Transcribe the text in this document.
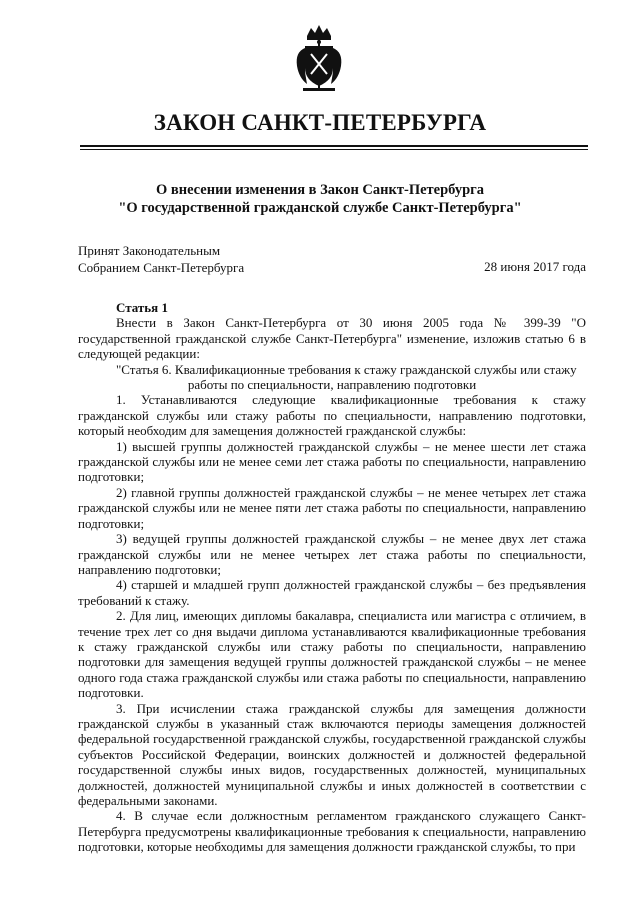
ЗАКОН САНКТ-ПЕТЕРБУРГА
О внесении изменения в Закон Санкт-Петербурга
"О государственной гражданской службе Санкт-Петербурга"
Принят Законодательным
Собранием Санкт-Петербурга	28 июня 2017 года

Статья 1

Внести в Закон Санкт-Петербурга от 30 июня 2005 года № 399-39 "О государственной гражданской службе Санкт-Петербурга" изменение, изложив статью 6 в следующей редакции:

"Статья 6. Квалификационные требования к стажу гражданской службы или стажу

работы по специальности, направлению подготовки

1. Устанавливаются следующие квалификационные требования к стажу гражданской службы или стажу работы по специальности, направлению подготовки, который необходим для замещения должностей гражданской службы:

1) высшей группы должностей гражданской службы – не менее шести лет стажа гражданской службы или не менее семи лет стажа работы по специальности, направлению подготовки;

2) главной группы должностей гражданской службы – не менее четырех лет стажа гражданской службы или не менее пяти лет стажа работы по специальности, направлению подготовки;

3) ведущей группы должностей гражданской службы – не менее двух лет стажа гражданской службы или не менее четырех лет стажа работы по специальности, направлению подготовки;

4) старшей и младшей групп должностей гражданской службы – без предъявления требований к стажу.

2. Для лиц, имеющих дипломы бакалавра, специалиста или магистра с отличием, в течение трех лет со дня выдачи диплома устанавливаются квалификационные требования к стажу гражданской службы или стажу работы по специальности, направлению подготовки для замещения ведущей группы должностей гражданской службы – не менее одного года стажа гражданской службы или стажа работы по специальности, направлению подготовки.

3. При исчислении стажа гражданской службы для замещения должности гражданской службы в указанный стаж включаются периоды замещения должностей федеральной государственной гражданской службы, государственной гражданской службы субъектов Российской Федерации, воинских должностей и должностей федеральной государственной службы иных видов, государственных должностей, муниципальных должностей, должностей муниципальной службы и иных должностей в соответствии с федеральными законами.

4. В случае если должностным регламентом гражданского служащего Санкт-Петербурга предусмотрены квалификационные требования к специальности, направлению подготовки, которые необходимы для замещения должности гражданской службы, то при
